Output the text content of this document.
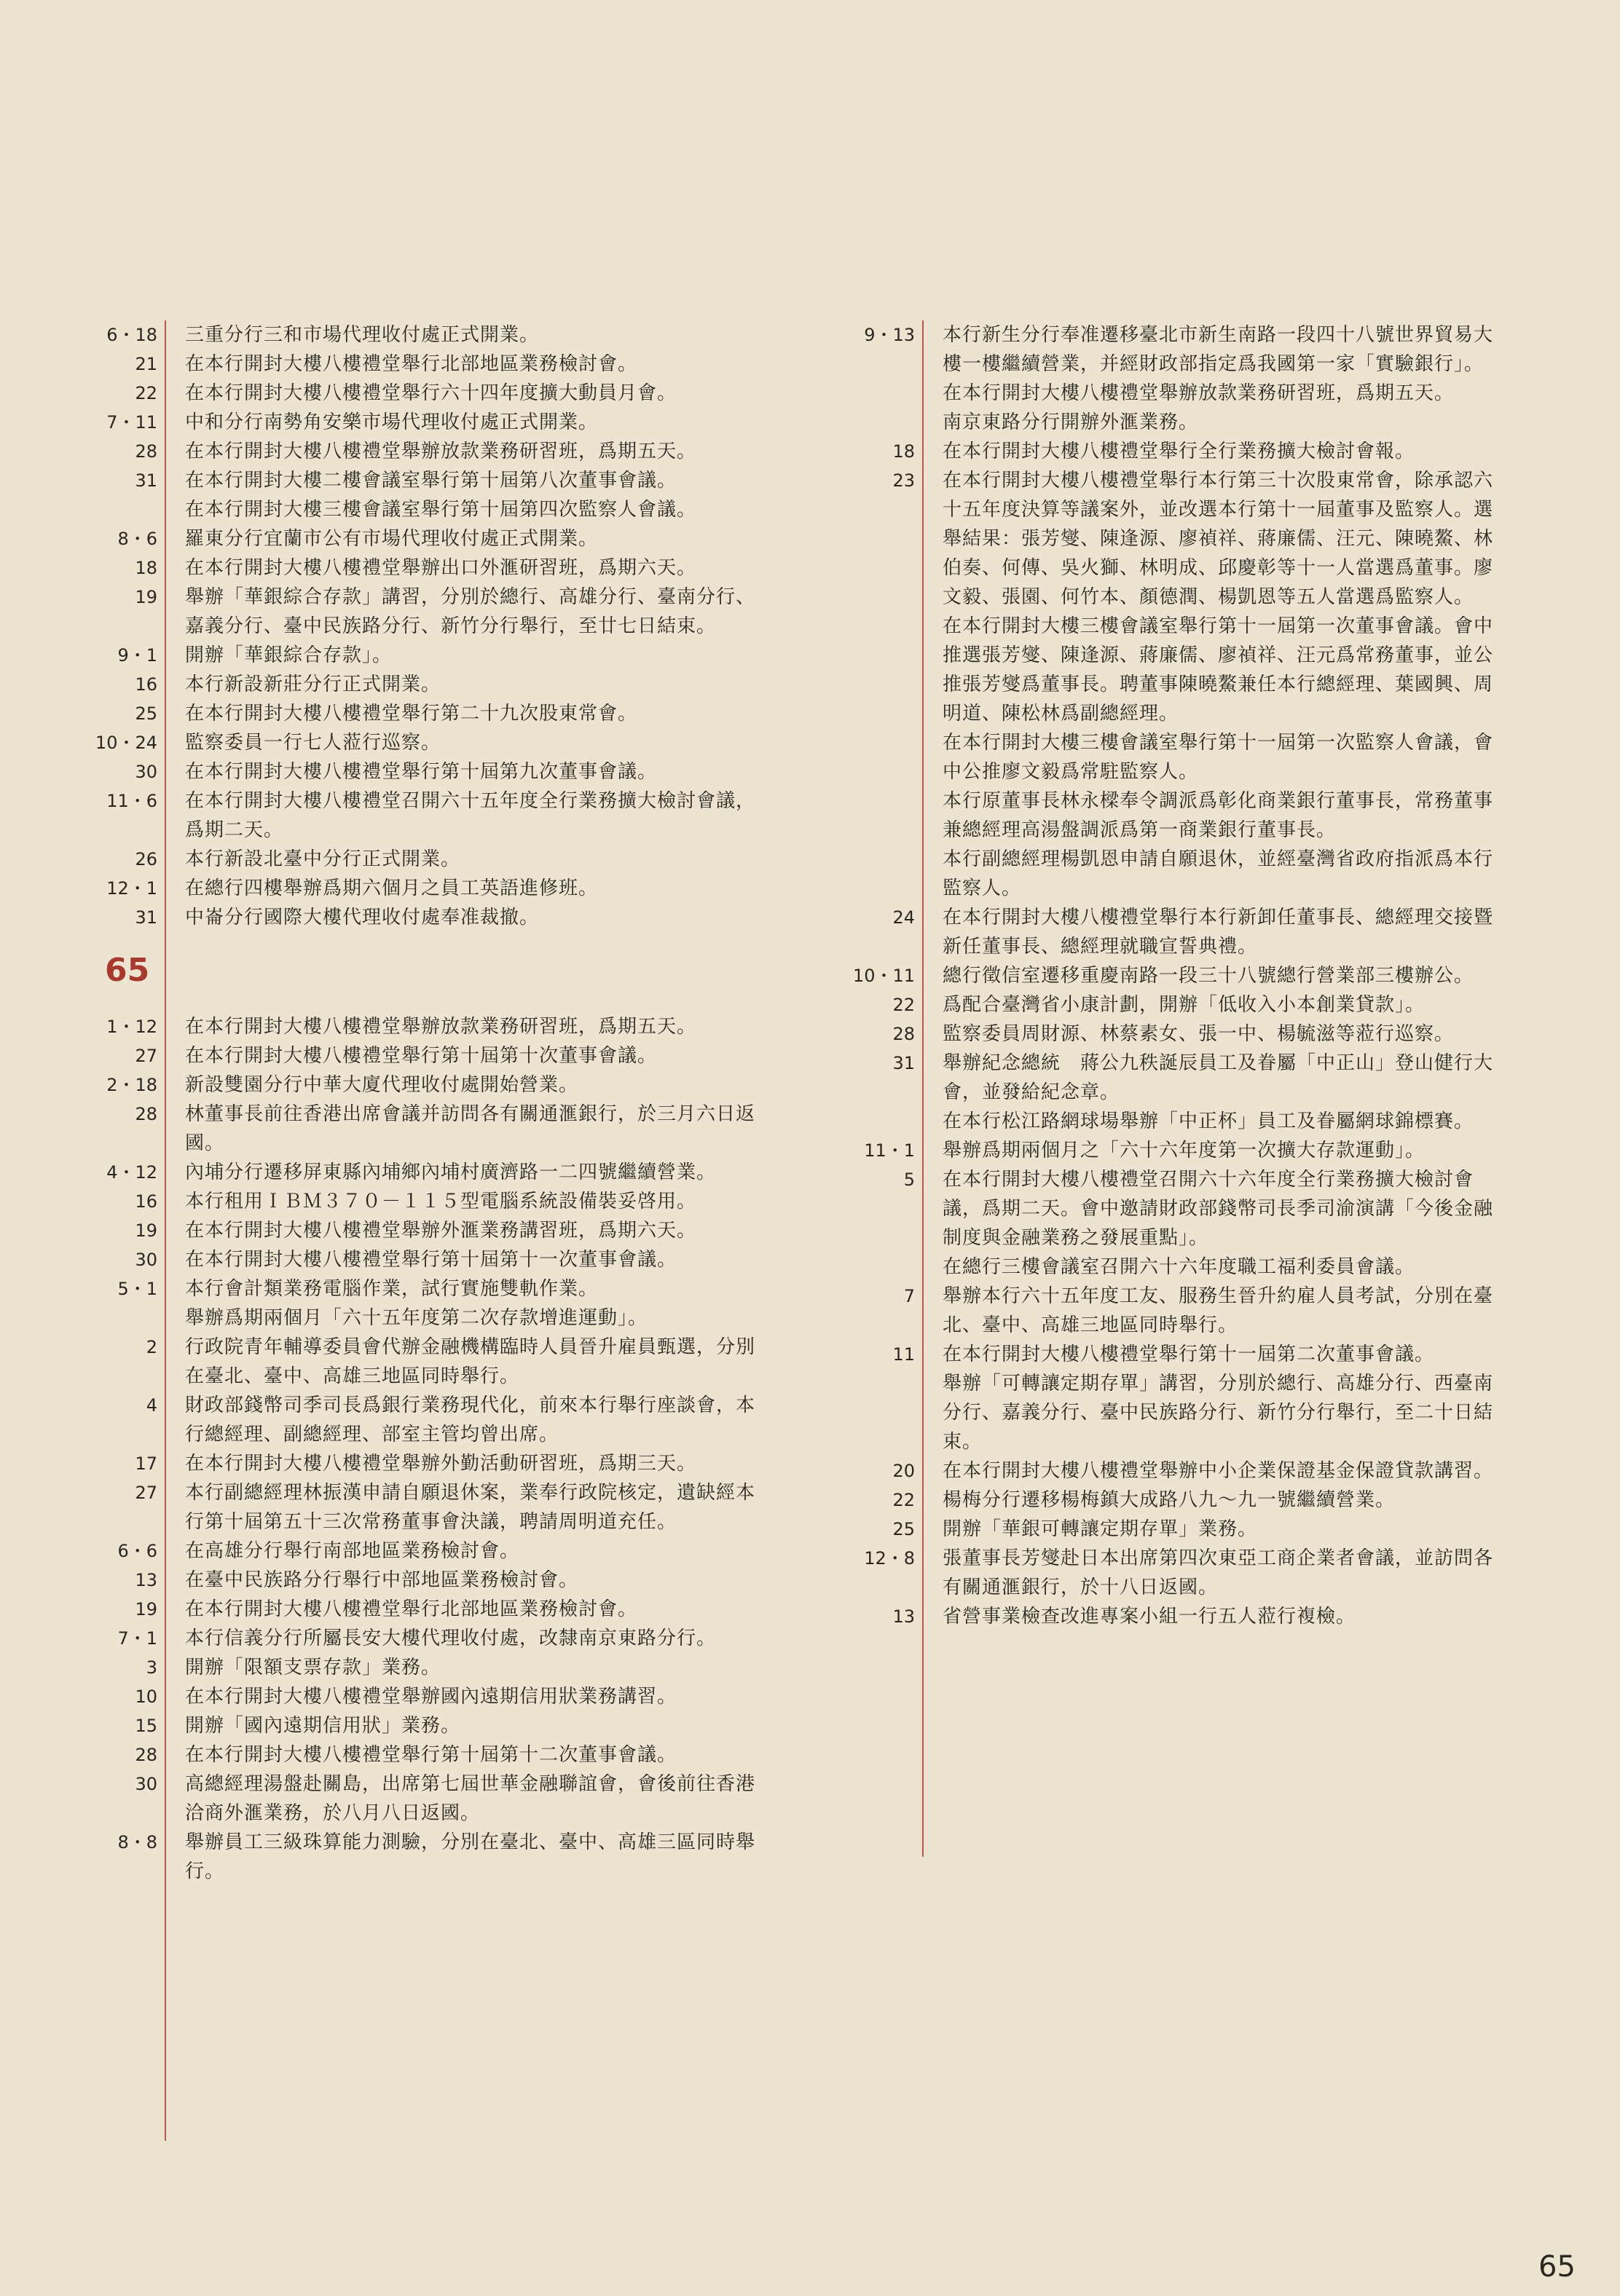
6・18	三重分行三和市場代理收付處正式開業。
21	在本行開封大樓八樓禮堂舉行北部地區業務檢討會。
22	在本行開封大樓八樓禮堂舉行六十四年度擴大動員月會。
7・11	中和分行南勢角安樂市場代理收付處正式開業。
28	在本行開封大樓八樓禮堂舉辦放款業務研習班，爲期五天。
31	在本行開封大樓二樓會議室舉行第十屆第八次董事會議。
在本行開封大樓三樓會議室舉行第十屆第四次監察人會議。
8・6	羅東分行宜蘭市公有市場代理收付處正式開業。
18	在本行開封大樓八樓禮堂舉辦出口外滙研習班，爲期六天。
19	舉辦「華銀綜合存款」講習，分別於總行、高雄分行、臺南分行、嘉義分行、臺中民族路分行、新竹分行舉行，至廿七日結束。
9・1	開辦「華銀綜合存款」。
16	本行新設新莊分行正式開業。
25	在本行開封大樓八樓禮堂舉行第二十九次股東常會。
10・24	監察委員一行七人蒞行巡察。
30	在本行開封大樓八樓禮堂舉行第十屆第九次董事會議。
11・6	在本行開封大樓八樓禮堂召開六十五年度全行業務擴大檢討會議，爲期二天。
26	本行新設北臺中分行正式開業。
12・1	在總行四樓舉辦爲期六個月之員工英語進修班。
31	中崙分行國際大樓代理收付處奉准裁撤。
65
1・12	在本行開封大樓八樓禮堂舉辦放款業務研習班，爲期五天。
27	在本行開封大樓八樓禮堂舉行第十屆第十次董事會議。
2・18	新設雙園分行中華大廈代理收付處開始營業。
28	林董事長前往香港出席會議并訪問各有關通滙銀行，於三月六日返國。
4・12	內埔分行遷移屏東縣內埔鄉內埔村廣濟路一二四號繼續營業。
16	本行租用ＩＢＭ３７０－１１５型電腦系統設備裝妥啓用。
19	在本行開封大樓八樓禮堂舉辦外滙業務講習班，爲期六天。
30	在本行開封大樓八樓禮堂舉行第十屆第十一次董事會議。
5・1	本行會計類業務電腦作業，試行實施雙軌作業。
舉辦爲期兩個月「六十五年度第二次存款增進運動」。
2	行政院青年輔導委員會代辦金融機構臨時人員晉升雇員甄選，分別在臺北、臺中、高雄三地區同時舉行。
4	財政部錢幣司季司長爲銀行業務現代化，前來本行舉行座談會，本行總經理、副總經理、部室主管均曾出席。
17	在本行開封大樓八樓禮堂舉辦外勤活動研習班，爲期三天。
27	本行副總經理林振漢申請自願退休案，業奉行政院核定，遺缺經本行第十屆第五十三次常務董事會決議，聘請周明道充任。
6・6	在高雄分行舉行南部地區業務檢討會。
13	在臺中民族路分行舉行中部地區業務檢討會。
19	在本行開封大樓八樓禮堂舉行北部地區業務檢討會。
7・1	本行信義分行所屬長安大樓代理收付處，改隸南京東路分行。
3	開辦「限額支票存款」業務。
10	在本行開封大樓八樓禮堂舉辦國內遠期信用狀業務講習。
15	開辦「國內遠期信用狀」業務。
28	在本行開封大樓八樓禮堂舉行第十屆第十二次董事會議。
30	高總經理湯盤赴關島，出席第七屆世華金融聯誼會，會後前往香港洽商外滙業務，於八月八日返國。
8・8	舉辦員工三級珠算能力測驗，分別在臺北、臺中、高雄三區同時舉行。
9・13	本行新生分行奉准遷移臺北市新生南路一段四十八號世界貿易大樓一樓繼續營業，并經財政部指定爲我國第一家「實驗銀行」。
在本行開封大樓八樓禮堂舉辦放款業務研習班，爲期五天。
南京東路分行開辦外滙業務。
18	在本行開封大樓八樓禮堂舉行全行業務擴大檢討會報。
23	在本行開封大樓八樓禮堂舉行本行第三十次股東常會，除承認六十五年度決算等議案外，並改選本行第十一屆董事及監察人。選舉結果：張芳燮、陳逢源、廖禎祥、蔣廉儒、汪元、陳曉鰲、林伯奏、何傳、吳火獅、林明成、邱慶彰等十一人當選爲董事。廖文毅、張園、何竹本、顏德潤、楊凱恩等五人當選爲監察人。
在本行開封大樓三樓會議室舉行第十一屆第一次董事會議。會中推選張芳燮、陳逢源、蔣廉儒、廖禎祥、汪元爲常務董事，並公推張芳燮爲董事長。聘董事陳曉鰲兼任本行總經理、葉國興、周明道、陳松林爲副總經理。
在本行開封大樓三樓會議室舉行第十一屆第一次監察人會議，會中公推廖文毅爲常駐監察人。
本行原董事長林永樑奉令調派爲彰化商業銀行董事長，常務董事兼總經理高湯盤調派爲第一商業銀行董事長。
本行副總經理楊凱恩申請自願退休，並經臺灣省政府指派爲本行監察人。
24	在本行開封大樓八樓禮堂舉行本行新卸任董事長、總經理交接暨新任董事長、總經理就職宣誓典禮。
10・11	總行徵信室遷移重慶南路一段三十八號總行營業部三樓辦公。
22	爲配合臺灣省小康計劃，開辦「低收入小本創業貸款」。
28	監察委員周財源、林蔡素女、張一中、楊毓滋等蒞行巡察。
31	舉辦紀念總統　蔣公九秩誕辰員工及眷屬「中正山」登山健行大會，並發給紀念章。
在本行松江路網球場舉辦「中正杯」員工及眷屬網球錦標賽。
11・1	舉辦爲期兩個月之「六十六年度第一次擴大存款運動」。
5	在本行開封大樓八樓禮堂召開六十六年度全行業務擴大檢討會議，爲期二天。會中邀請財政部錢幣司長季司渝演講「今後金融制度與金融業務之發展重點」。
在總行三樓會議室召開六十六年度職工福利委員會議。
7	舉辦本行六十五年度工友、服務生晉升約雇人員考試，分別在臺北、臺中、高雄三地區同時舉行。
11	在本行開封大樓八樓禮堂舉行第十一屆第二次董事會議。
舉辦「可轉讓定期存單」講習，分別於總行、高雄分行、西臺南分行、嘉義分行、臺中民族路分行、新竹分行舉行，至二十日結束。
20	在本行開封大樓八樓禮堂舉辦中小企業保證基金保證貸款講習。
22	楊梅分行遷移楊梅鎮大成路八九～九一號繼續營業。
25	開辦「華銀可轉讓定期存單」業務。
12・8	張董事長芳燮赴日本出席第四次東亞工商企業者會議，並訪問各有關通滙銀行，於十八日返國。
13	省營事業檢查改進專案小組一行五人蒞行複檢。
65
